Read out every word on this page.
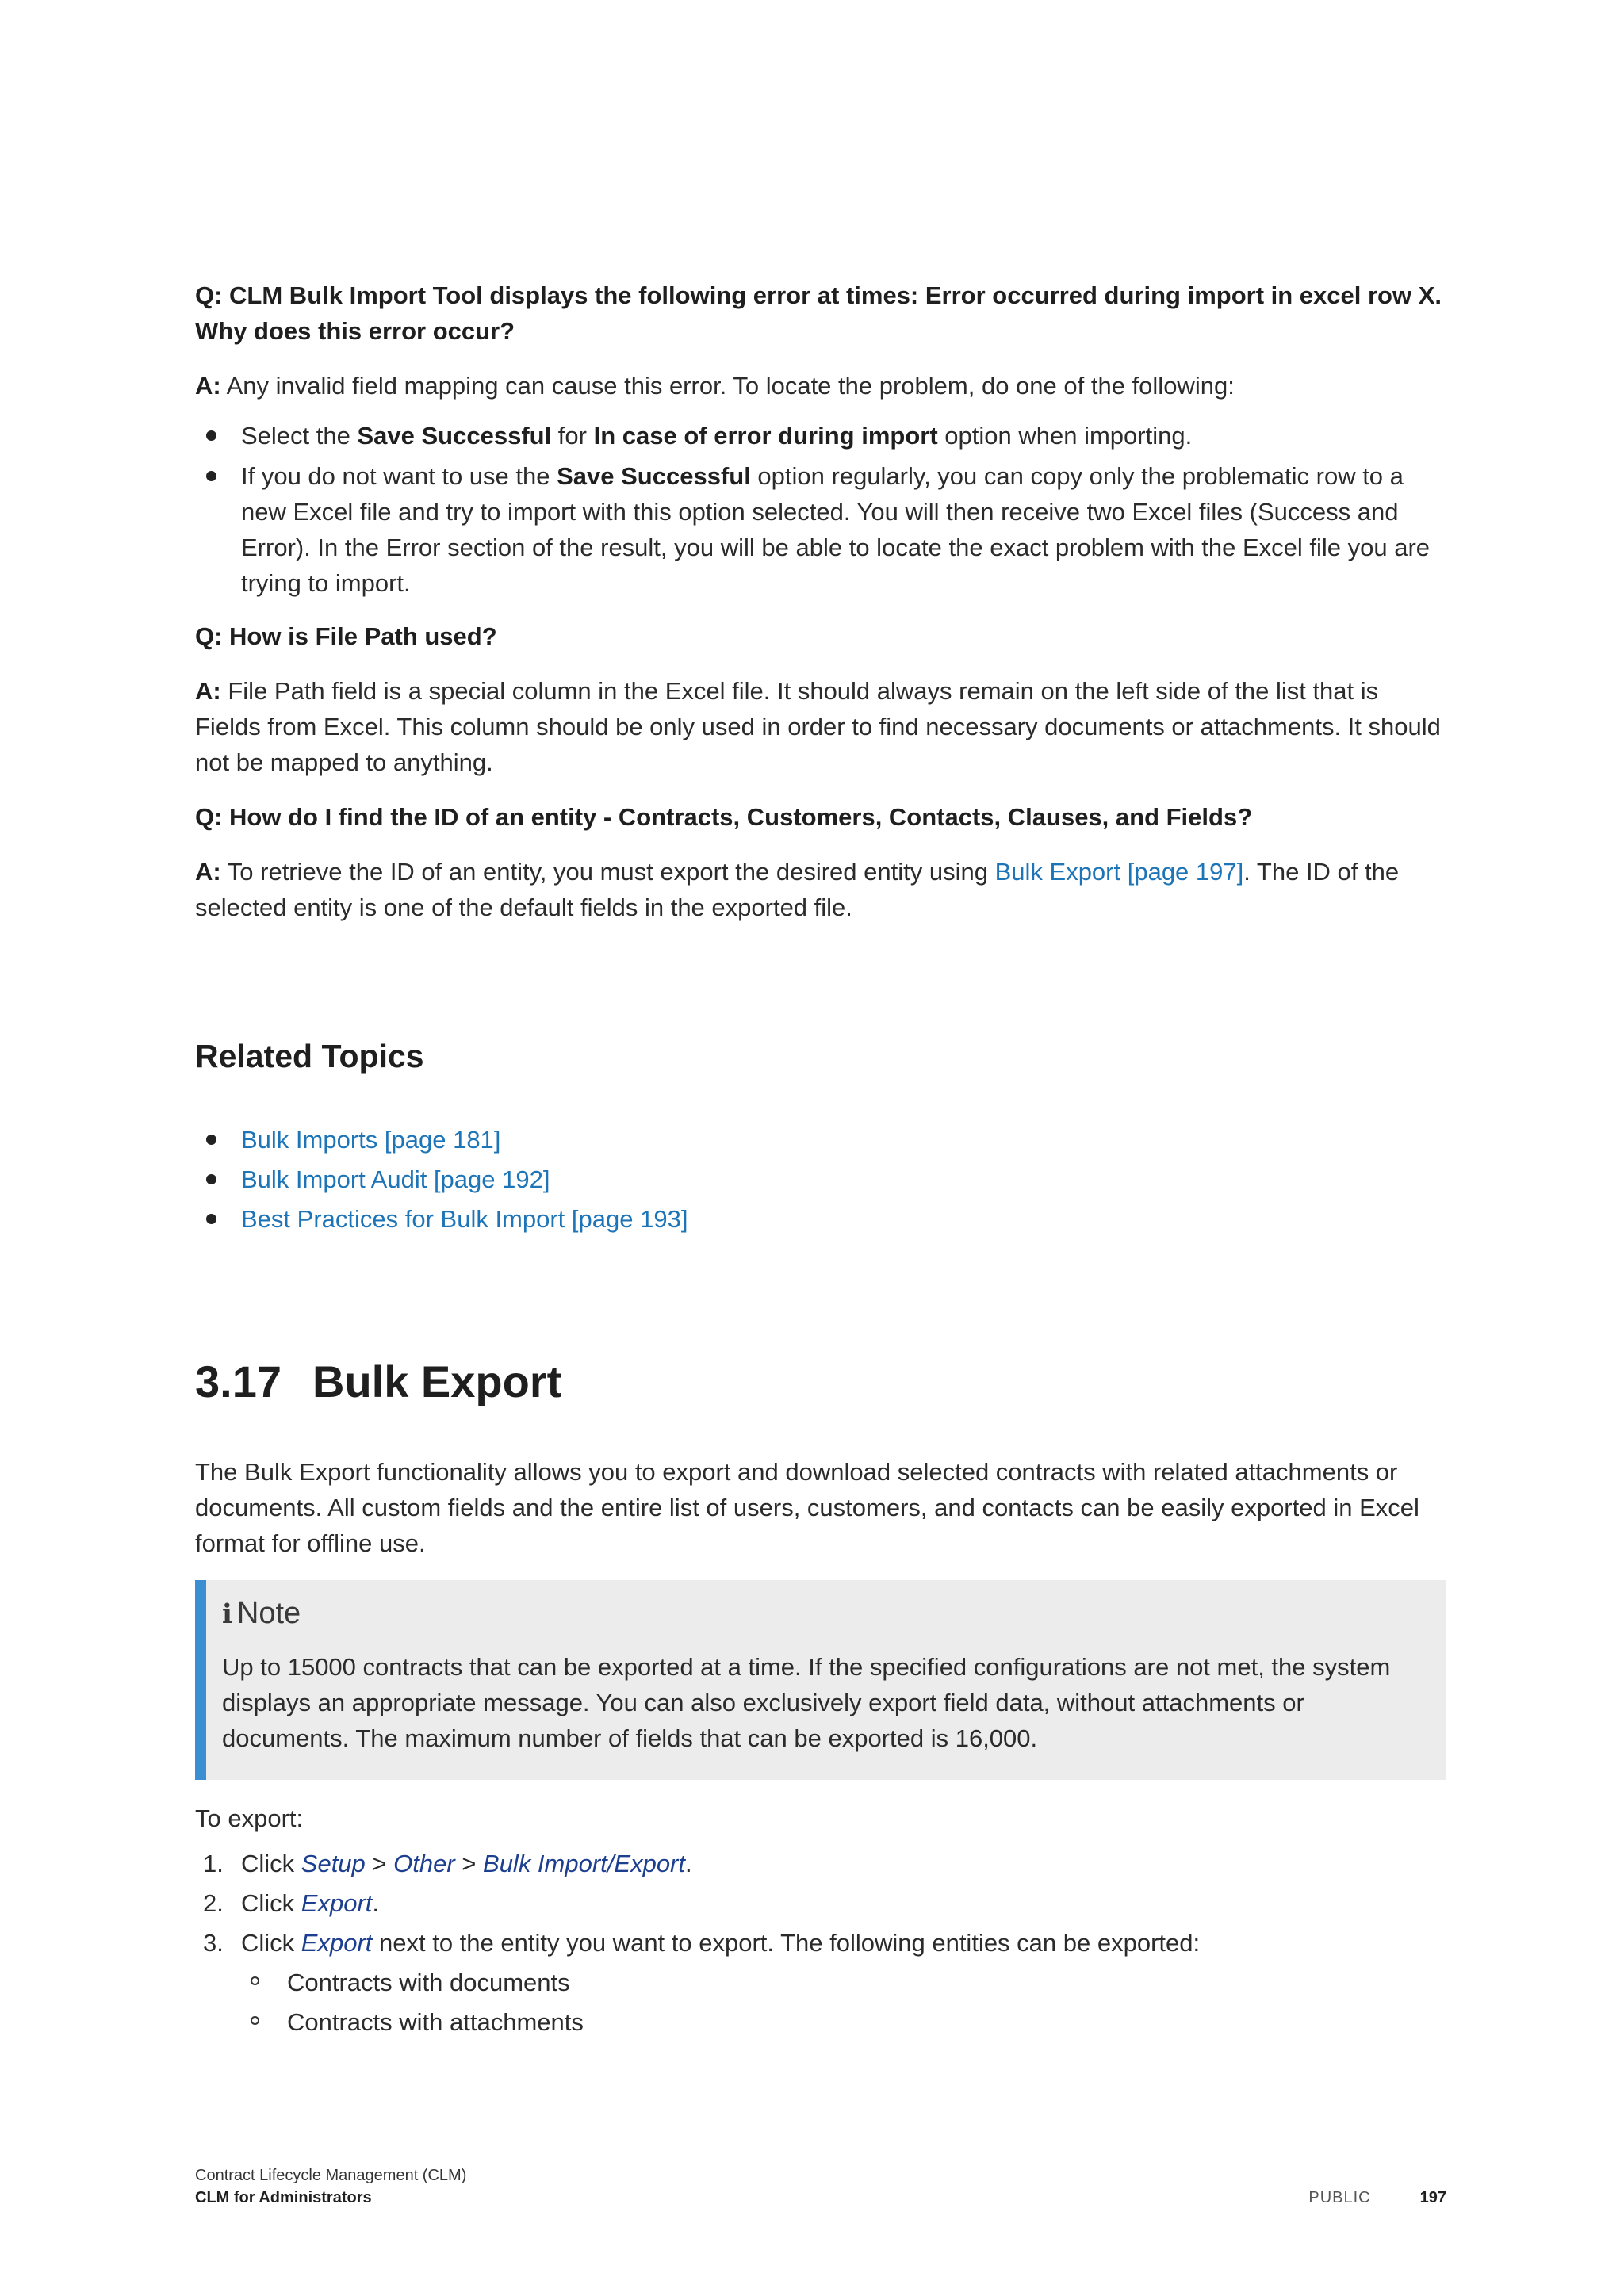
Q: CLM Bulk Import Tool displays the following error at times: Error occurred during import in excel row X. Why does this error occur?

A: Any invalid field mapping can cause this error. To locate the problem, do one of the following:

Select the Save Successful for In case of error during import option when importing.
If you do not want to use the Save Successful option regularly, you can copy only the problematic row to a new Excel file and try to import with this option selected. You will then receive two Excel files (Success and Error). In the Error section of the result, you will be able to locate the exact problem with the Excel file you are trying to import.

Q: How is File Path used?

A: File Path field is a special column in the Excel file. It should always remain on the left side of the list that is Fields from Excel. This column should be only used in order to find necessary documents or attachments. It should not be mapped to anything.

Q: How do I find the ID of an entity - Contracts, Customers, Contacts, Clauses, and Fields?

A: To retrieve the ID of an entity, you must export the desired entity using Bulk Export [page 197]. The ID of the selected entity is one of the default fields in the exported file.

Related Topics
Bulk Imports [page 181]
Bulk Import Audit [page 192]
Best Practices for Bulk Import [page 193]
3.17 Bulk Export

The Bulk Export functionality allows you to export and download selected contracts with related attachments or documents. All custom fields and the entire list of users, customers, and contacts can be easily exported in Excel format for offline use.

i Note

Up to 15000 contracts that can be exported at a time. If the specified configurations are not met, the system displays an appropriate message. You can also exclusively export field data, without attachments or documents. The maximum number of fields that can be exported is 16,000.

To export:

1. Click Setup > Other > Bulk Import/Export.
2. Click Export.
3. Click Export next to the entity you want to export. The following entities can be exported:
Contracts with documents
Contracts with attachments
Contract Lifecycle Management (CLM)
CLM for Administrators	PUBLIC	197
